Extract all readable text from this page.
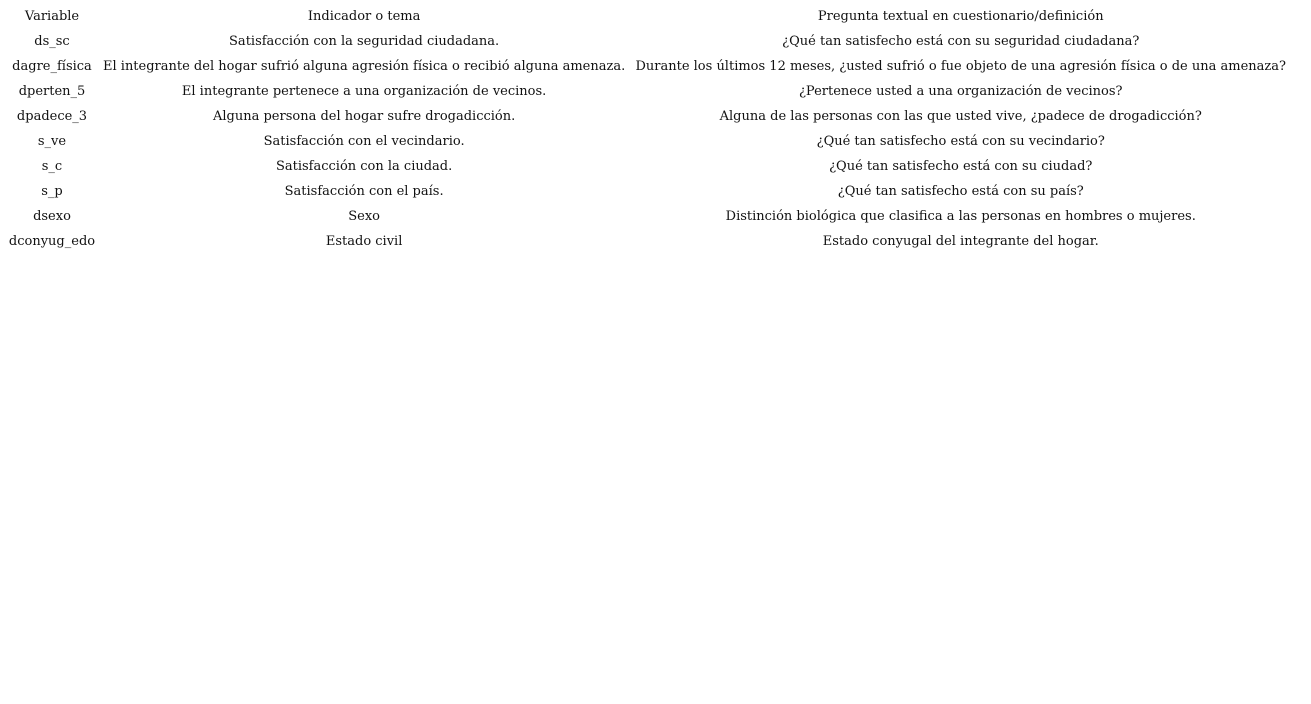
Variable	Indicador o tema	Pregunta textual en cuestionario/definición
ds_sc	Satisfacción con la seguridad ciudadana.	¿Qué tan satisfecho está con su seguridad ciudadana?
dagre_física	El integrante del hogar sufrió alguna agresión física o recibió alguna amenaza.	Durante los últimos 12 meses, ¿usted sufrió o fue objeto de una agresión física o de una amenaza?
dperten_5	El integrante pertenece a una organización de vecinos.	¿Pertenece usted a una organización de vecinos?
dpadece_3	Alguna persona del hogar sufre drogadicción.	Alguna de las personas con las que usted vive, ¿padece de drogadicción?
s_ve	Satisfacción con el vecindario.	¿Qué tan satisfecho está con su vecindario?
s_c	Satisfacción con la ciudad.	¿Qué tan satisfecho está con su ciudad?
s_p	Satisfacción con el país.	¿Qué tan satisfecho está con su país?
dsexo	Sexo	Distinción biológica que clasifica a las personas en hombres o mujeres.
dconyug_edo	Estado civil	Estado conyugal del integrante del hogar.
